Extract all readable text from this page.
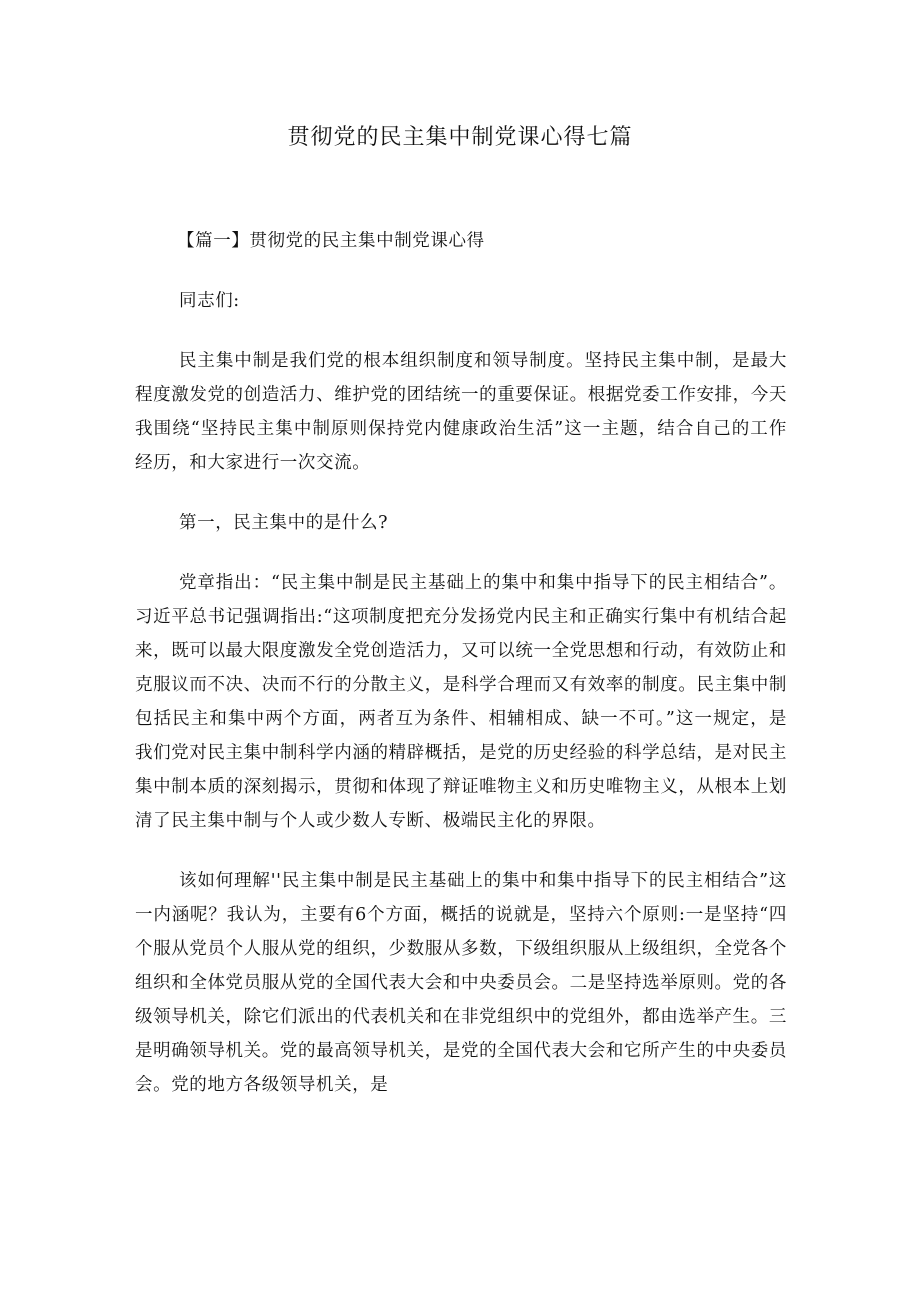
贯彻党的民主集中制党课心得七篇

【篇一】贯彻党的民主集中制党课心得

同志们:

民主集中制是我们党的根本组织制度和领导制度。坚持民主集中制，是最大程度激发党的创造活力、维护党的团结统一的重要保证。根据党委工作安排，今天我围绕“坚持民主集中制原则保持党内健康政治生活”这一主题，结合自己的工作经历，和大家进行一次交流。

第一，民主集中的是什么?

党章指出：“民主集中制是民主基础上的集中和集中指导下的民主相结合”。习近平总书记强调指出:“这项制度把充分发扬党内民主和正确实行集中有机结合起来，既可以最大限度激发全党创造活力，又可以统一全党思想和行动，有效防止和克服议而不决、决而不行的分散主义，是科学合理而又有效率的制度。民主集中制包括民主和集中两个方面，两者互为条件、相辅相成、缺一不可。”这一规定，是我们党对民主集中制科学内涵的精辟概括，是党的历史经验的科学总结，是对民主集中制本质的深刻揭示，贯彻和体现了辩证唯物主义和历史唯物主义，从根本上划清了民主集中制与个人或少数人专断、极端民主化的界限。

该如何理解''民主集中制是民主基础上的集中和集中指导下的民主相结合”这一内涵呢？我认为，主要有6个方面，概括的说就是，坚持六个原则:一是坚持“四个服从党员个人服从党的组织，少数服从多数，下级组织服从上级组织，全党各个组织和全体党员服从党的全国代表大会和中央委员会。二是坚持选举原则。党的各级领导机关，除它们派出的代表机关和在非党组织中的党组外，都由选举产生。三是明确领导机关。党的最高领导机关，是党的全国代表大会和它所产生的中央委员会。党的地方各级领导机关，是
